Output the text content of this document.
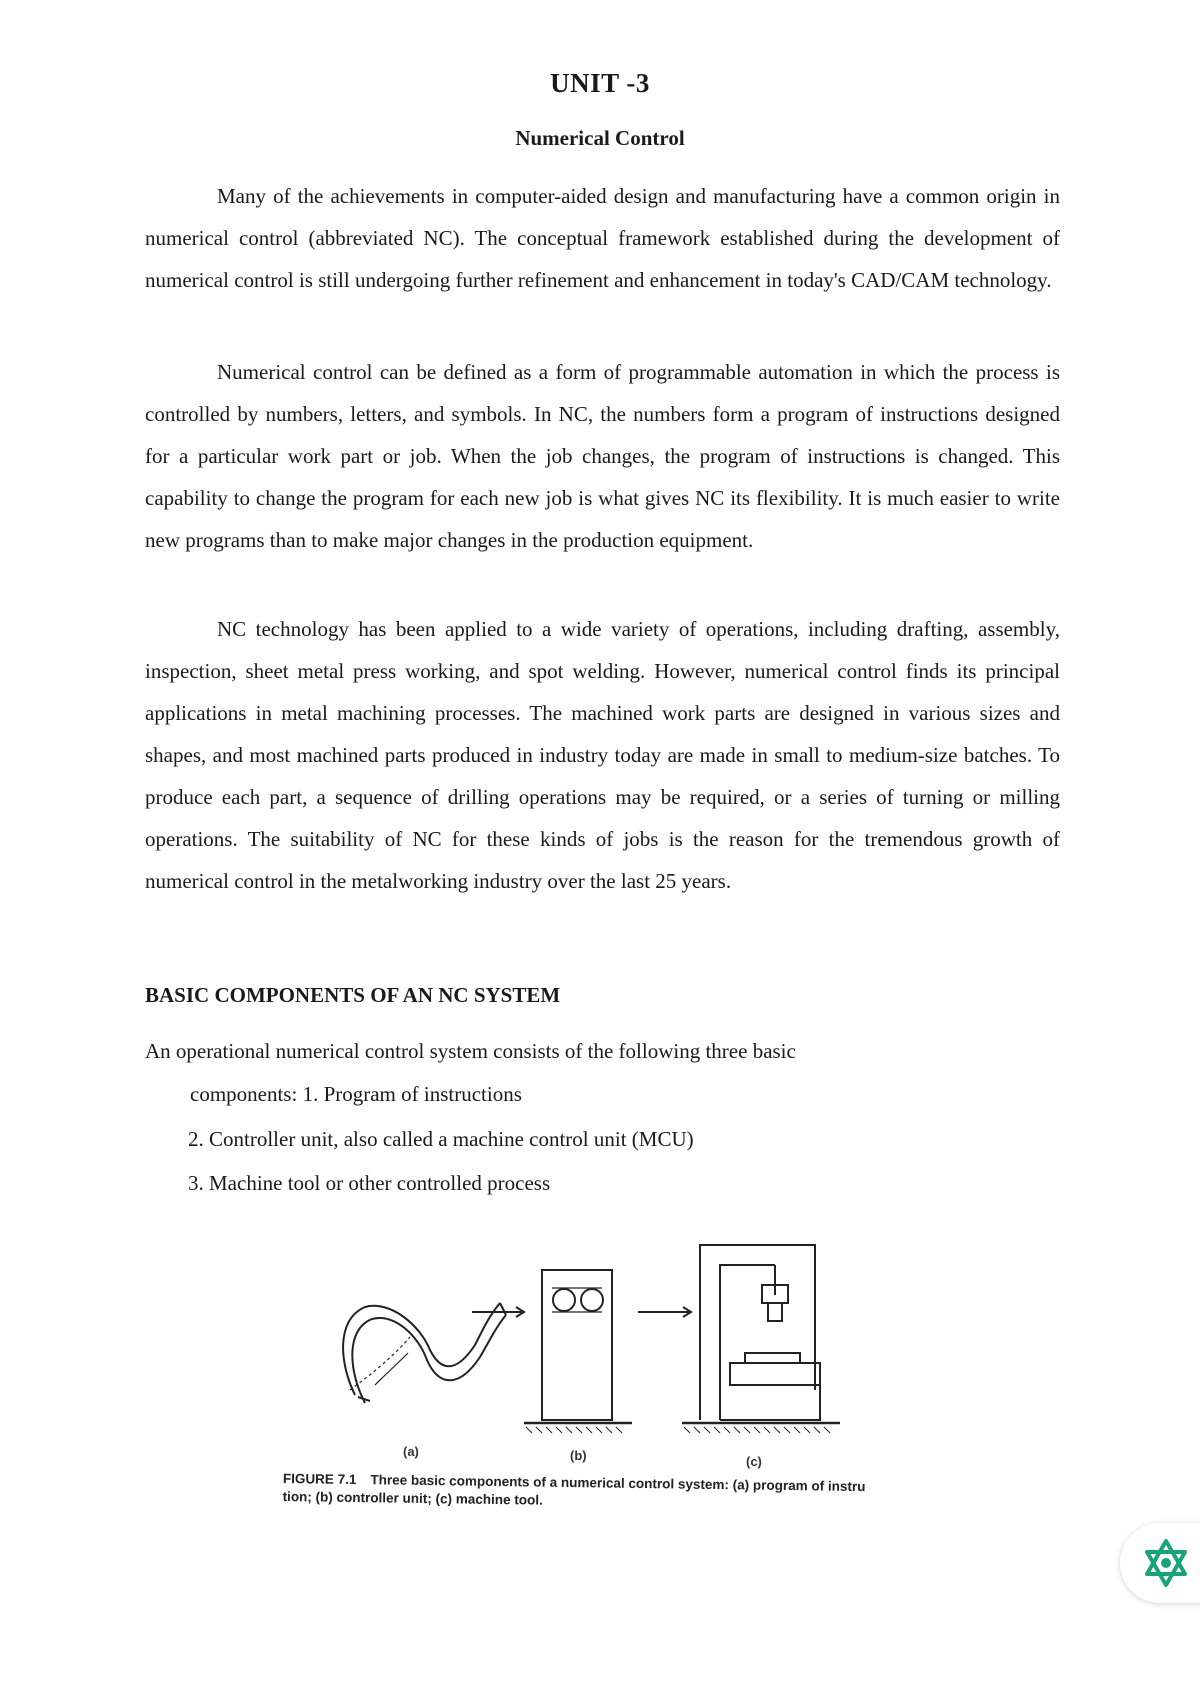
UNIT -3
Numerical Control

Many of the achievements in computer-aided design and manufacturing have a common origin in numerical control (abbreviated NC). The conceptual framework established during the development of numerical control is still undergoing further refinement and enhancement in today's CAD/CAM technology.

Numerical control can be defined as a form of programmable automation in which the process is controlled by numbers, letters, and symbols. In NC, the numbers form a program of instructions designed for a particular work part or job. When the job changes, the program of instructions is changed. This capability to change the program for each new job is what gives NC its flexibility. It is much easier to write new programs than to make major changes in the production equipment.

NC technology has been applied to a wide variety of operations, including drafting, assembly, inspection, sheet metal press working, and spot welding. However, numerical control finds its principal applications in metal machining processes. The machined work parts are designed in various sizes and shapes, and most machined parts produced in industry today are made in small to medium-size batches. To produce each part, a sequence of drilling operations may be required, or a series of turning or milling operations. The suitability of NC for these kinds of jobs is the reason for the tremendous growth of numerical control in the metalworking industry over the last 25 years.

BASIC COMPONENTS OF AN NC SYSTEM
An operational numerical control system consists of the following three basic
components: 1. Program of instructions
2. Controller unit, also called a machine control unit (MCU)
3. Machine tool or other controlled process
(a)	(b)	(c)
FIGURE 7.1 Three basic components of a numerical control system: (a) program of instru
tion; (b) controller unit; (c) machine tool.
